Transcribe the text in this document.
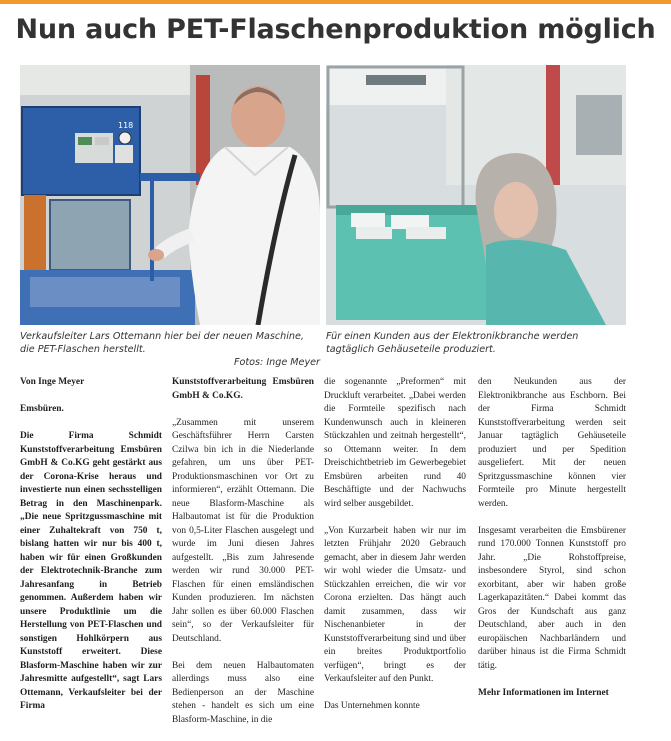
Nun auch PET-Flaschenproduktion möglich
118
Verkaufsleiter Lars Ottemann hier bei der neuen Maschine, die PET-Flaschen herstellt.
Fotos: Inge Meyer
Für einen Kunden aus der Elektronikbranche werden tagtäglich Gehäuseteile produziert.

Von Inge Meyer

Emsbüren.

Die Firma Schmidt Kunststoffverarbeitung Emsbüren GmbH & Co.KG geht gestärkt aus der Corona-Krise heraus und investierte nun einen sechsstelligen Betrag in den Maschinenpark. „Die neue Spritzgussmaschine mit einer Zuhaltekraft von 750 t, bislang hatten wir nur bis 400 t, haben wir für einen Großkunden der Elektrotechnik-Branche zum Jahresanfang in Betrieb genommen. Außerdem haben wir unsere Produktlinie um die Herstellung von PET-Flaschen und sonstigen Hohlkörpern aus Kunststoff erweitert. Diese Blasform-Maschine haben wir zur Jahresmitte aufgestellt“, sagt Lars Ottemann, Verkaufsleiter bei der Firma

Kunststoffverarbeitung Emsbüren GmbH & Co.KG.

„Zusammen mit unserem Geschäftsführer Herrn Carsten Czilwa bin ich in die Niederlande gefahren, um uns über PET-Produktionsmaschinen vor Ort zu informieren“, erzählt Ottemann. Die neue Blasform-Maschine als Halbautomat ist für die Produktion von 0,5-Liter Flaschen ausgelegt und wurde im Juni diesen Jahres aufgestellt. „Bis zum Jahresende werden wir rund 30.000 PET-Flaschen für einen emsländischen Kunden produzieren. Im nächsten Jahr sollen es über 60.000 Flaschen sein“, so der Verkaufsleiter für Deutschland.

Bei dem neuen Halbautomaten allerdings muss also eine Bedienperson an der Maschine stehen - handelt es sich um eine Blasform-Maschine, in die

die sogenannte „Preformen“ mit Druckluft verarbeitet. „Dabei werden die Formteile spezifisch nach Kundenwunsch auch in kleineren Stückzahlen und zeitnah hergestellt“, so Ottemann weiter. In dem Dreischichtbetrieb im Gewerbegebiet Emsbüren arbeiten rund 40 Beschäftigte und der Nachwuchs wird selber ausgebildet.

„Von Kurzarbeit haben wir nur im letzten Frühjahr 2020 Gebrauch gemacht, aber in diesem Jahr werden wir wohl wieder die Umsatz- und Stückzahlen erreichen, die wir vor Corona erzielten. Das hängt auch damit zusammen, dass wir Nischenanbieter in der Kunststoffverarbeitung sind und über ein breites Produktportfolio verfügen“, bringt es der Verkaufsleiter auf den Punkt.

Das Unternehmen konnte

den Neukunden aus der Elektronikbranche aus Eschborn. Bei der Firma Schmidt Kunststoffverarbeitung werden seit Januar tagtäglich Gehäuseteile produziert und per Spedition ausgeliefert. Mit der neuen Spritzgussmaschine können vier Formteile pro Minute hergestellt werden.

Insgesamt verarbeiten die Emsbürener rund 170.000 Tonnen Kunststoff pro Jahr. „Die Rohstoffpreise, insbesondere Styrol, sind schon exorbitant, aber wir haben große Lagerkapazitäten.“ Dabei kommt das Gros der Kundschaft aus ganz Deutschland, aber auch in den europäischen Nachbarländern und darüber hinaus ist die Firma Schmidt tätig.

Mehr Informationen im Internet
